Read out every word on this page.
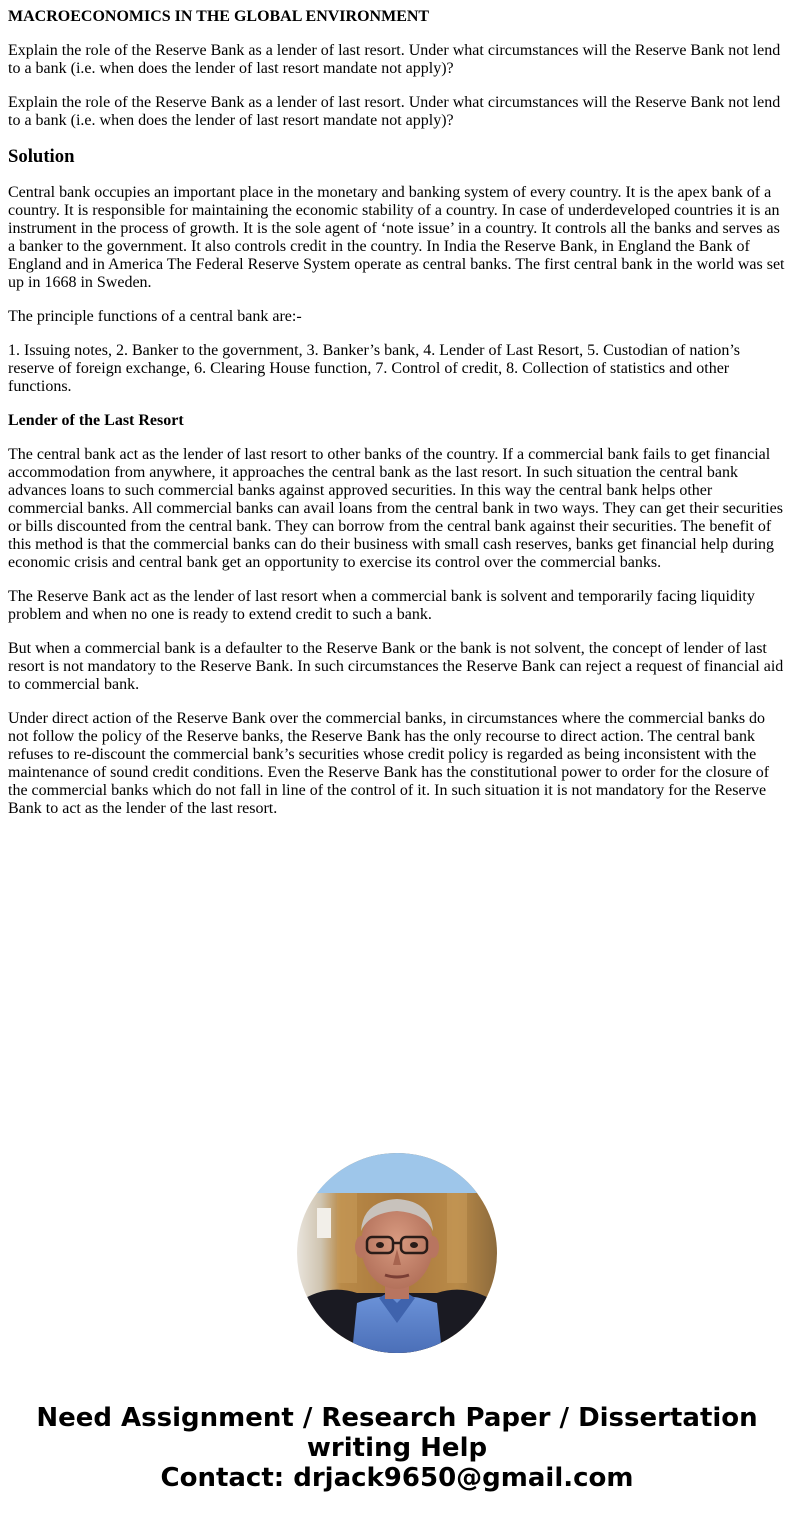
MACROECONOMICS IN THE GLOBAL ENVIRONMENT

Explain the role of the Reserve Bank as a lender of last resort. Under what circumstances will the Reserve Bank not lend to a bank (i.e. when does the lender of last resort mandate not apply)?

Explain the role of the Reserve Bank as a lender of last resort. Under what circumstances will the Reserve Bank not lend to a bank (i.e. when does the lender of last resort mandate not apply)?

Solution

Central bank occupies an important place in the monetary and banking system of every country. It is the apex bank of a country. It is responsible for maintaining the economic stability of a country. In case of underdeveloped countries it is an instrument in the process of growth. It is the sole agent of ‘note issue’ in a country. It controls all the banks and serves as a banker to the government. It also controls credit in the country. In India the Reserve Bank, in England the Bank of England and in America The Federal Reserve System operate as central banks. The first central bank in the world was set up in 1668 in Sweden.

The principle functions of a central bank are:-

1. Issuing notes, 2. Banker to the government, 3. Banker’s bank, 4. Lender of Last Resort, 5. Custodian of nation’s reserve of foreign exchange, 6. Clearing House function, 7. Control of credit, 8. Collection of statistics and other functions.

Lender of the Last Resort

The central bank act as the lender of last resort to other banks of the country. If a commercial bank fails to get financial accommodation from anywhere, it approaches the central bank as the last resort. In such situation the central bank advances loans to such commercial banks against approved securities. In this way the central bank helps other commercial banks. All commercial banks can avail loans from the central bank in two ways. They can get their securities or bills discounted from the central bank. They can borrow from the central bank against their securities. The benefit of this method is that the commercial banks can do their business with small cash reserves, banks get financial help during economic crisis and central bank get an opportunity to exercise its control over the commercial banks.

The Reserve Bank act as the lender of last resort when a commercial bank is solvent and temporarily facing liquidity problem and when no one is ready to extend credit to such a bank.

But when a commercial bank is a defaulter to the Reserve Bank or the bank is not solvent, the concept of lender of last resort is not mandatory to the Reserve Bank. In such circumstances the Reserve Bank can reject a request of financial aid to commercial bank.

Under direct action of the Reserve Bank over the commercial banks, in circumstances where the commercial banks do not follow the policy of the Reserve banks, the Reserve Bank has the only recourse to direct action. The central bank refuses to re-discount the commercial bank’s securities whose credit policy is regarded as being inconsistent with the maintenance of sound credit conditions. Even the Reserve Bank has the constitutional power to order for the closure of the commercial banks which do not fall in line of the control of it. In such situation it is not mandatory for the Reserve Bank to act as the lender of the last resort.

Need Assignment / Research Paper / Dissertation
writing Help
Contact: drjack9650@gmail.com
